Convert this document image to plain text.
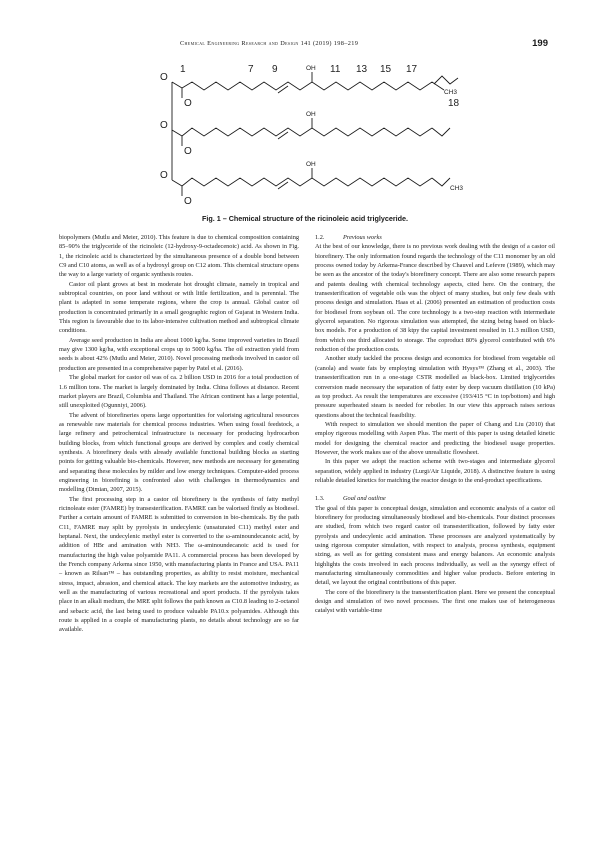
Chemical Engineering Research and Design 141 (2019) 198–219	199
O
O
O
O
O
O
CH3
OH
OH
OH
CH3
1	7 9	11 13 15 17
18
Fig. 1 – Chemical structure of the ricinoleic acid triglyceride.

biopolymers (Mutlu and Meier, 2010). This feature is due to chemical composition containing 85–90% the triglyceride of the ricinoleic (12-hydroxy-9-octadecenoic) acid. As shown in Fig. 1, the ricinoleic acid is characterized by the simultaneous presence of a double bond between C9 and C10 atoms, as well as of a hydroxyl group on C12 atom. This chemical structure opens the way to a large variety of organic synthesis routes.

Castor oil plant grows at best in moderate hot drought climate, namely in tropical and subtropical countries, on poor land without or with little fertilization, and is perennial. The plant is adapted in some temperate regions, where the crop is annual. Global castor oil production is concentrated primarily in a small geographic region of Gujarat in Western India. This region is favourable due to its labor-intensive cultivation method and subtropical climate conditions.

Average seed production in India are about 1000 kg/ha. Some improved varieties in Brazil may give 1300 kg/ha, with exceptional crops up to 5000 kg/ha. The oil extraction yield from seeds is about 42% (Mutlu and Meier, 2010). Novel processing methods involved in castor oil production are presented in a comprehensive paper by Patel et al. (2016).

The global market for castor oil was of ca. 2 billion USD in 2016 for a total production of 1.6 million tons. The market is largely dominated by India. China follows at distance. Recent market players are Brazil, Columbia and Thailand. The African continent has a large potential, still unexploited (Ogunniyi, 2006).

The advent of biorefineries opens large opportunities for valorising agricultural resources as renewable raw materials for chemical process industries. When using fossil feedstock, a large refinery and petrochemical infrastructure is necessary for producing hydrocarbon building blocks, from which functional groups are derived by complex and costly chemical synthesis. A biorefinery deals with already available functional building blocks as starting points for getting valuable bio-chemicals. However, new methods are necessary for generating and separating these molecules by milder and low energy techniques. Computer-aided process engineering in biorefining is confronted also with challenges in thermodynamics and modelling (Dimian, 2007, 2015).

The first processing step in a castor oil biorefinery is the synthesis of fatty methyl ricinoleate ester (FAMRE) by transesterification. FAMRE can be valorised firstly as biodiesel. Further a certain amount of FAMRE is submitted to conversion in bio-chemicals. By the path C11, FAMRE may split by pyrolysis in undecylenic (unsaturated C11) methyl ester and heptanal. Next, the undecylenic methyl ester is converted to the ω-aminoundecanoic acid, by addition of HBr and amination with NH3. The ω-aminoundecanoic acid is used for manufacturing the high value polyamide PA11. A commercial process has been developed by the French company Arkema since 1950, with manufacturing plants in France and USA. PA11 – known as Rilsan™ – has outstanding properties, as ability to resist moisture, mechanical stress, impact, abrasion, and chemical attack. The key markets are the automotive industry, as well as the manufacturing of various recreational and sport products. If the pyrolysis takes place in an alkali medium, the MRE split follows the path known as C10.8 leading to 2-octanol and sebacic acid, the last being used to produce valuable PA10.x polyamides. Although this route is applied in a couple of manufacturing plants, no details about technology are so far available.

1.2.	Previous works

At the best of our knowledge, there is no previous work dealing with the design of a castor oil biorefinery. The only information found regards the technology of the C11 monomer by an old process owned today by Arkema-France described by Chauvel and Lefevre (1989), which may be seen as the ancestor of the today's biorefinery concept. There are also some research papers and patents dealing with chemical technology aspects, cited here. On the contrary, the transesterification of vegetable oils was the object of many studies, but only few deals with process design and simulation. Haas et al. (2006) presented an estimation of production costs for biodiesel from soybean oil. The core technology is a two-step reaction with intermediate glycerol separation. No rigorous simulation was attempted, the sizing being based on black-box models. For a production of 38 ktpy the capital investment resulted in 11.3 million USD, from which one third allocated to storage. The coproduct 80% glycerol contributed with 6% reduction of the production costs.

Another study tackled the process design and economics for biodiesel from vegetable oil (canola) and waste fats by employing simulation with Hysys™ (Zhang et al., 2003). The transesterification run in a one-stage CSTR modelled as black-box. Limited triglycerides conversion made necessary the separation of fatty ester by deep vacuum distillation (10 kPa) as top product. As result the temperatures are excessive (193/415 °C in top/bottom) and high pressure superheated steam is needed for reboiler. In our view this approach raises serious questions about the technical feasibility.

With respect to simulation we should mention the paper of Chang and Liu (2010) that employ rigorous modelling with Aspen Plus. The merit of this paper is using detailed kinetic model for designing the chemical reactor and predicting the biodiesel usage properties. However, the work makes use of the above unrealistic flowsheet.

In this paper we adopt the reaction scheme with two-stages and intermediate glycerol separation, widely applied in industry (Lurgi/Air Liquide, 2018). A distinctive feature is using reliable detailed kinetics for matching the reactor design to the end-product specifications.

1.3.	Goal and outline

The goal of this paper is conceptual design, simulation and economic analysis of a castor oil biorefinery for producing simultaneously biodiesel and bio-chemicals. Four distinct processes are studied, from which two regard castor oil transesterification, followed by fatty ester pyrolysis and undecylenic acid amination. These processes are analyzed systematically by using rigorous computer simulation, with respect to analysis, process synthesis, equipment sizing, as well as for getting consistent mass and energy balances. An economic analysis highlights the costs involved in each process individually, as well as the synergy effect of manufacturing simultaneously commodities and higher value products. Before entering in detail, we layout the original contributions of this paper.

The core of the biorefinery is the transesterification plant. Here we present the conceptual design and simulation of two novel processes. The first one makes use of heterogeneous catalyst with variable-time
